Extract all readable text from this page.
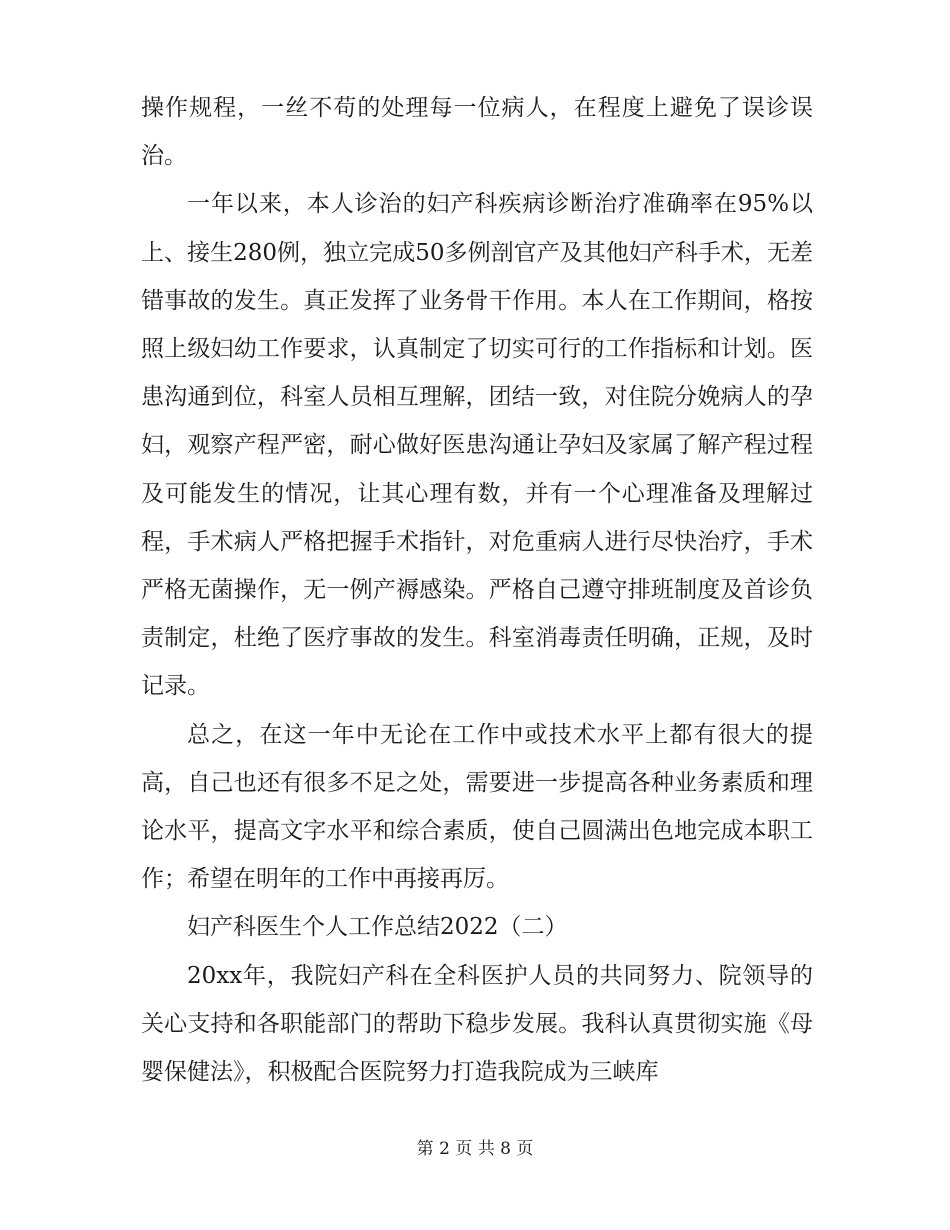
操作规程，一丝不苟的处理每一位病人，在程度上避免了误诊误治。

一年以来，本人诊治的妇产科疾病诊断治疗准确率在95%以上、接生280例，独立完成50多例剖官产及其他妇产科手术，无差错事故的发生。真正发挥了业务骨干作用。本人在工作期间，格按照上级妇幼工作要求，认真制定了切实可行的工作指标和计划。医患沟通到位，科室人员相互理解，团结一致，对住院分娩病人的孕妇，观察产程严密，耐心做好医患沟通让孕妇及家属了解产程过程及可能发生的情况，让其心理有数，并有一个心理准备及理解过程，手术病人严格把握手术指针，对危重病人进行尽快治疗，手术严格无菌操作，无一例产褥感染。严格自己遵守排班制度及首诊负责制定，杜绝了医疗事故的发生。科室消毒责任明确，正规，及时记录。

总之，在这一年中无论在工作中或技术水平上都有很大的提高，自己也还有很多不足之处，需要进一步提高各种业务素质和理论水平，提高文字水平和综合素质，使自己圆满出色地完成本职工作；希望在明年的工作中再接再厉。

妇产科医生个人工作总结2022（二）

20xx年，我院妇产科在全科医护人员的共同努力、院领导的关心支持和各职能部门的帮助下稳步发展。我科认真贯彻实施《母婴保健法》，积极配合医院努力打造我院成为三峡库

第 2 页 共 8 页
